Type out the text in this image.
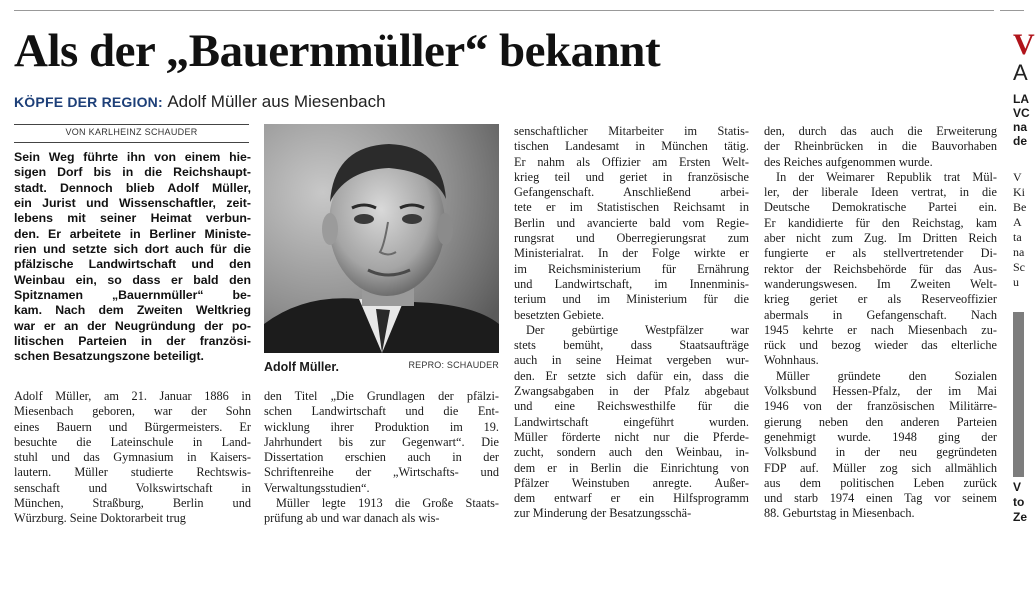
Als der „Bauernmüller“ bekannt
KÖPFE DER REGION: Adolf Müller aus Miesenbach
VON KARLHEINZ SCHAUDER
Sein Weg führte ihn von einem hie-
sigen Dorf bis in die Reichshaupt-
stadt. Dennoch blieb Adolf Müller,
ein Jurist und Wissenschaftler, zeit-
lebens mit seiner Heimat verbun-
den. Er arbeitete in Berliner Ministe-
rien und setzte sich dort auch für die
pfälzische Landwirtschaft und den
Weinbau ein, so dass er bald den
Spitznamen „Bauernmüller“ be-
kam. Nach dem Zweiten Weltkrieg
war er an der Neugründung der po-
litischen Parteien in der französi-
schen Besatzungszone beteiligt.
Adolf Müller, am 21. Januar 1886 in
Miesenbach geboren, war der Sohn
eines Bauern und Bürgermeisters. Er
besuchte die Lateinschule in Land-
stuhl und das Gymnasium in Kaisers-
lautern. Müller studierte Rechtswis-
senschaft und Volkswirtschaft in
München, Straßburg, Berlin und
Würzburg. Seine Doktorarbeit trug
Adolf Müller.	REPRO: SCHAUDER
den Titel „Die Grundlagen der pfälzi-
schen Landwirtschaft und die Ent-
wicklung ihrer Produktion im 19.
Jahrhundert bis zur Gegenwart“. Die
Dissertation erschien auch in der
Schriftenreihe der „Wirtschafts- und
Verwaltungsstudien“.
Müller legte 1913 die Große Staats-
prüfung ab und war danach als wis-
senschaftlicher Mitarbeiter im Statis-
tischen Landesamt in München tätig.
Er nahm als Offizier am Ersten Welt-
krieg teil und geriet in französische
Gefangenschaft. Anschließend arbei-
tete er im Statistischen Reichsamt in
Berlin und avancierte bald vom Regie-
rungsrat und Oberregierungsrat zum
Ministerialrat. In der Folge wirkte er
im Reichsministerium für Ernährung
und Landwirtschaft, im Innenminis-
terium und im Ministerium für die
besetzten Gebiete.
Der gebürtige Westpfälzer war
stets bemüht, dass Staatsaufträge
auch in seine Heimat vergeben wur-
den. Er setzte sich dafür ein, dass die
Zwangsabgaben in der Pfalz abgebaut
und eine Reichswesthilfe für die
Landwirtschaft eingeführt wurden.
Müller förderte nicht nur die Pferde-
zucht, sondern auch den Weinbau, in-
dem er in Berlin die Einrichtung von
Pfälzer Weinstuben anregte. Außer-
dem entwarf er ein Hilfsprogramm
zur Minderung der Besatzungsschä-
den, durch das auch die Erweiterung
der Rheinbrücken in die Bauvorhaben
des Reiches aufgenommen wurde.
In der Weimarer Republik trat Mül-
ler, der liberale Ideen vertrat, in die
Deutsche Demokratische Partei ein.
Er kandidierte für den Reichstag, kam
aber nicht zum Zug. Im Dritten Reich
fungierte er als stellvertretender Di-
rektor der Reichsbehörde für das Aus-
wanderungswesen. Im Zweiten Welt-
krieg geriet er als Reserveoffizier
abermals in Gefangenschaft. Nach
1945 kehrte er nach Miesenbach zu-
rück und bezog wieder das elterliche
Wohnhaus.
Müller gründete den Sozialen
Volksbund Hessen-Pfalz, der im Mai
1946 von der französischen Militärre-
gierung neben den anderen Parteien
genehmigt wurde. 1948 ging der
Volksbund in der neu gegründeten
FDP auf. Müller zog sich allmählich
aus dem politischen Leben zurück
und starb 1974 einen Tag vor seinem
88. Geburtstag in Miesenbach.
V
A
LA
VC
na
de
V
Ki
Be
A
ta
na
Sc
u
V
to
Ze
